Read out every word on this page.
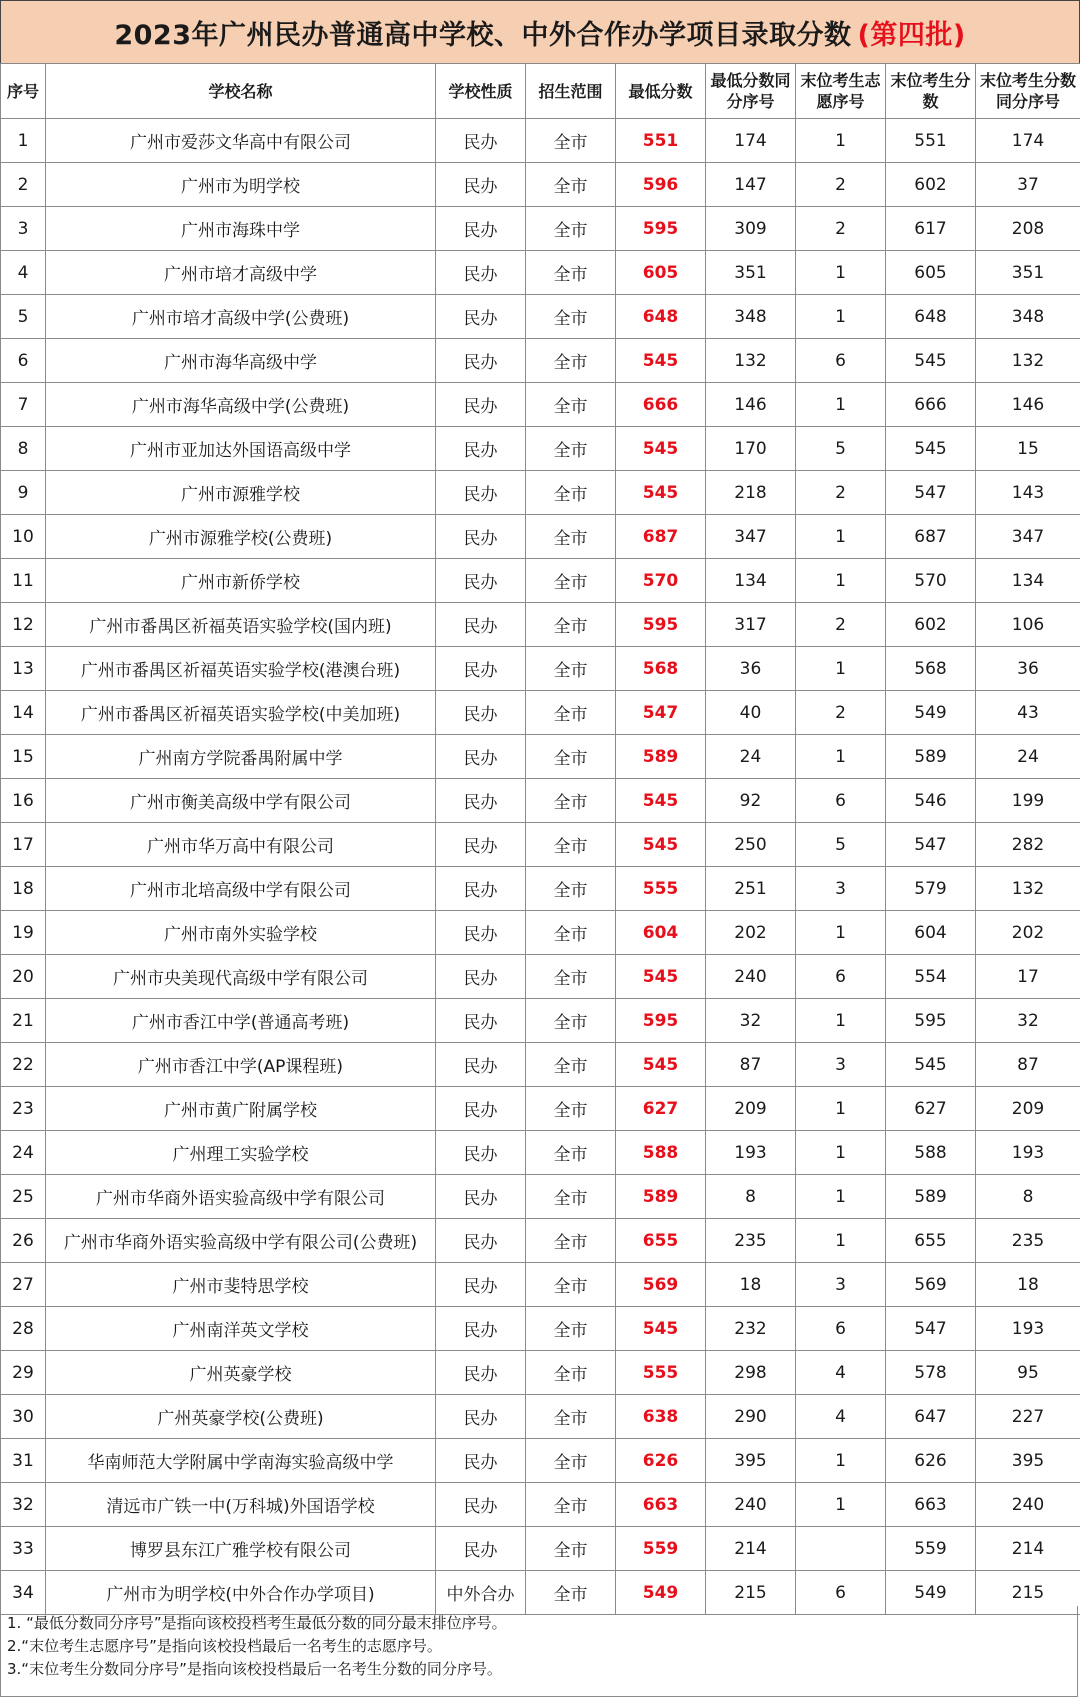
2023年广州民办普通高中学校、中外合作办学项目录取分数 (第四批)
序号	学校名称	学校性质	招生范围	最低分数	最低分数同分序号	末位考生志愿序号	末位考生分数	末位考生分数同分序号
1	广州市爱莎文华高中有限公司	民办	全市	551	174	1	551	174
2	广州市为明学校	民办	全市	596	147	2	602	37
3	广州市海珠中学	民办	全市	595	309	2	617	208
4	广州市培才高级中学	民办	全市	605	351	1	605	351
5	广州市培才高级中学(公费班)	民办	全市	648	348	1	648	348
6	广州市海华高级中学	民办	全市	545	132	6	545	132
7	广州市海华高级中学(公费班)	民办	全市	666	146	1	666	146
8	广州市亚加达外国语高级中学	民办	全市	545	170	5	545	15
9	广州市源雅学校	民办	全市	545	218	2	547	143
10	广州市源雅学校(公费班)	民办	全市	687	347	1	687	347
11	广州市新侨学校	民办	全市	570	134	1	570	134
12	广州市番禺区祈福英语实验学校(国内班)	民办	全市	595	317	2	602	106
13	广州市番禺区祈福英语实验学校(港澳台班)	民办	全市	568	36	1	568	36
14	广州市番禺区祈福英语实验学校(中美加班)	民办	全市	547	40	2	549	43
15	广州南方学院番禺附属中学	民办	全市	589	24	1	589	24
16	广州市衡美高级中学有限公司	民办	全市	545	92	6	546	199
17	广州市华万高中有限公司	民办	全市	545	250	5	547	282
18	广州市北培高级中学有限公司	民办	全市	555	251	3	579	132
19	广州市南外实验学校	民办	全市	604	202	1	604	202
20	广州市央美现代高级中学有限公司	民办	全市	545	240	6	554	17
21	广州市香江中学(普通高考班)	民办	全市	595	32	1	595	32
22	广州市香江中学(AP课程班)	民办	全市	545	87	3	545	87
23	广州市黄广附属学校	民办	全市	627	209	1	627	209
24	广州理工实验学校	民办	全市	588	193	1	588	193
25	广州市华商外语实验高级中学有限公司	民办	全市	589	8	1	589	8
26	广州市华商外语实验高级中学有限公司(公费班)	民办	全市	655	235	1	655	235
27	广州市斐特思学校	民办	全市	569	18	3	569	18
28	广州南洋英文学校	民办	全市	545	232	6	547	193
29	广州英豪学校	民办	全市	555	298	4	578	95
30	广州英豪学校(公费班)	民办	全市	638	290	4	647	227
31	华南师范大学附属中学南海实验高级中学	民办	全市	626	395	1	626	395
32	清远市广铁一中(万科城)外国语学校	民办	全市	663	240	1	663	240
33	博罗县东江广雅学校有限公司	民办	全市	559	214		559	214
34	广州市为明学校(中外合作办学项目)	中外合办	全市	549	215	6	549	215
1. “最低分数同分序号”是指向该校投档考生最低分数的同分最末排位序号。
2.“末位考生志愿序号”是指向该校投档最后一名考生的志愿序号。
3.“末位考生分数同分序号”是指向该校投档最后一名考生分数的同分序号。
